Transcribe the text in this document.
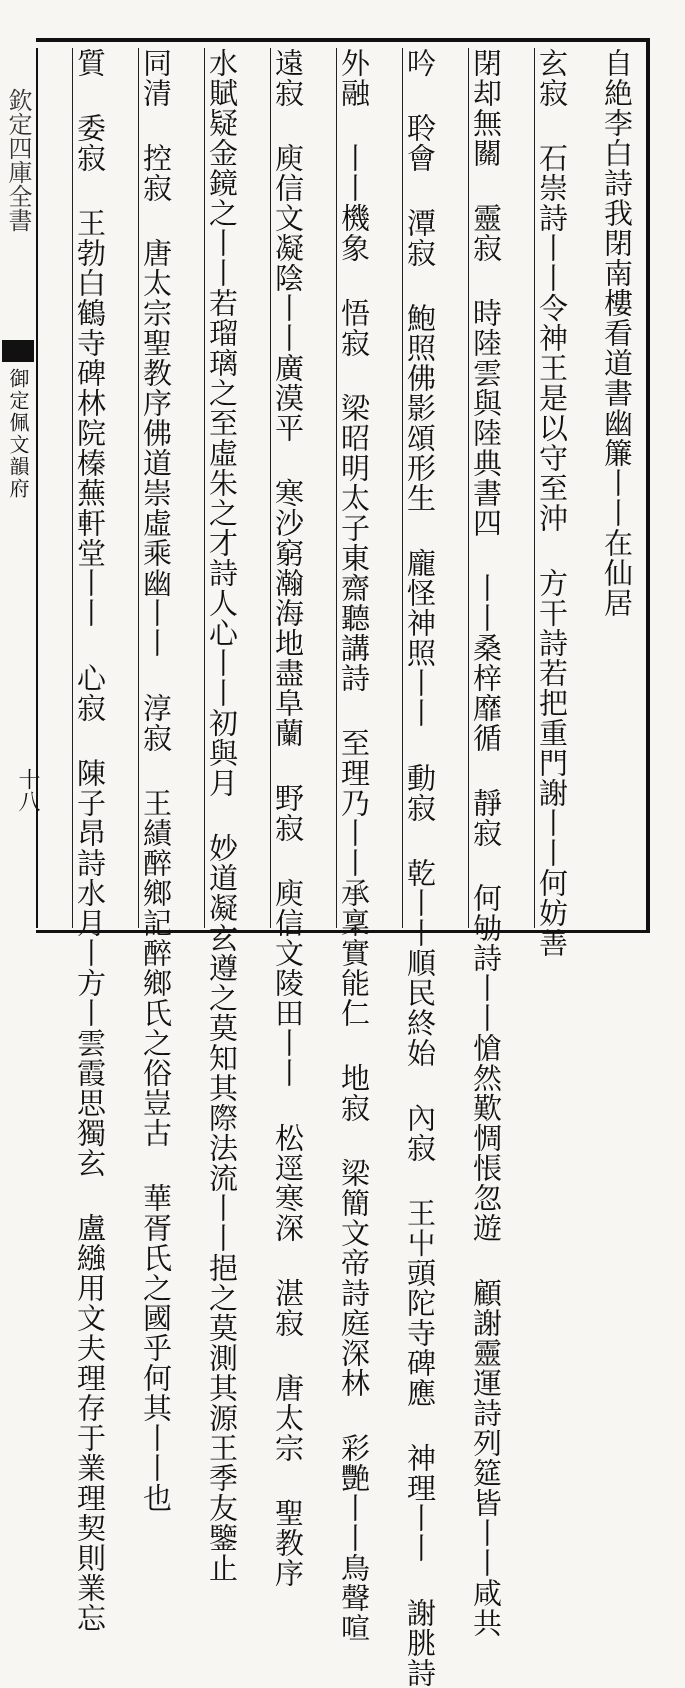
欽定四庫全書
御定佩文韻府
十八
自絶李白詩我閉南樓看道書幽簾丨丨在仙居
玄寂 石崇詩丨丨令神王是以守至沖 方干詩若把重門謝丨丨何妨善
閉却無關 靈寂 時陸雲與陸典書四 丨丨桑梓靡循 靜寂 何劬詩丨丨愴然歎惆悵忽遊 顧謝靈運詩列筵皆丨丨咸共
吟 聆會 潭寂 鮑照佛影頌形生 龐怪神照丨丨 動寂 乾丨丨順民終始 內寂 王屮頭陀寺碑應 神理丨丨 謝朓詩
外融 丨丨機象 悟寂 梁昭明太子東齋聽講詩 至理乃丨丨承稟實能仁 地寂 梁簡文帝詩庭深林 彩艷丨丨鳥聲喧
遠寂 庾信文凝陰丨丨廣漠平 寒沙窮瀚海地盡阜蘭 野寂 庾信文陵田丨丨 松逕寒深 湛寂 唐太宗 聖教序
水賦疑金鏡之丨丨若瑠璃之至虛朱之才詩人心丨丨初與月 妙道凝玄遵之莫知其際法流丨丨挹之莫測其源王季友鑒止
同清 控寂 唐太宗聖教序佛道崇虛乘幽丨丨 淳寂 王績醉鄉記醉鄉氏之俗豈古 華胥氏之國乎何其丨丨也
質 委寂 王勃白鶴寺碑林院榛蕪軒堂丨丨 心寂 陳子昂詩水月丨方丨雲霞思獨玄 盧繈用文夫理存于業理契則業忘
